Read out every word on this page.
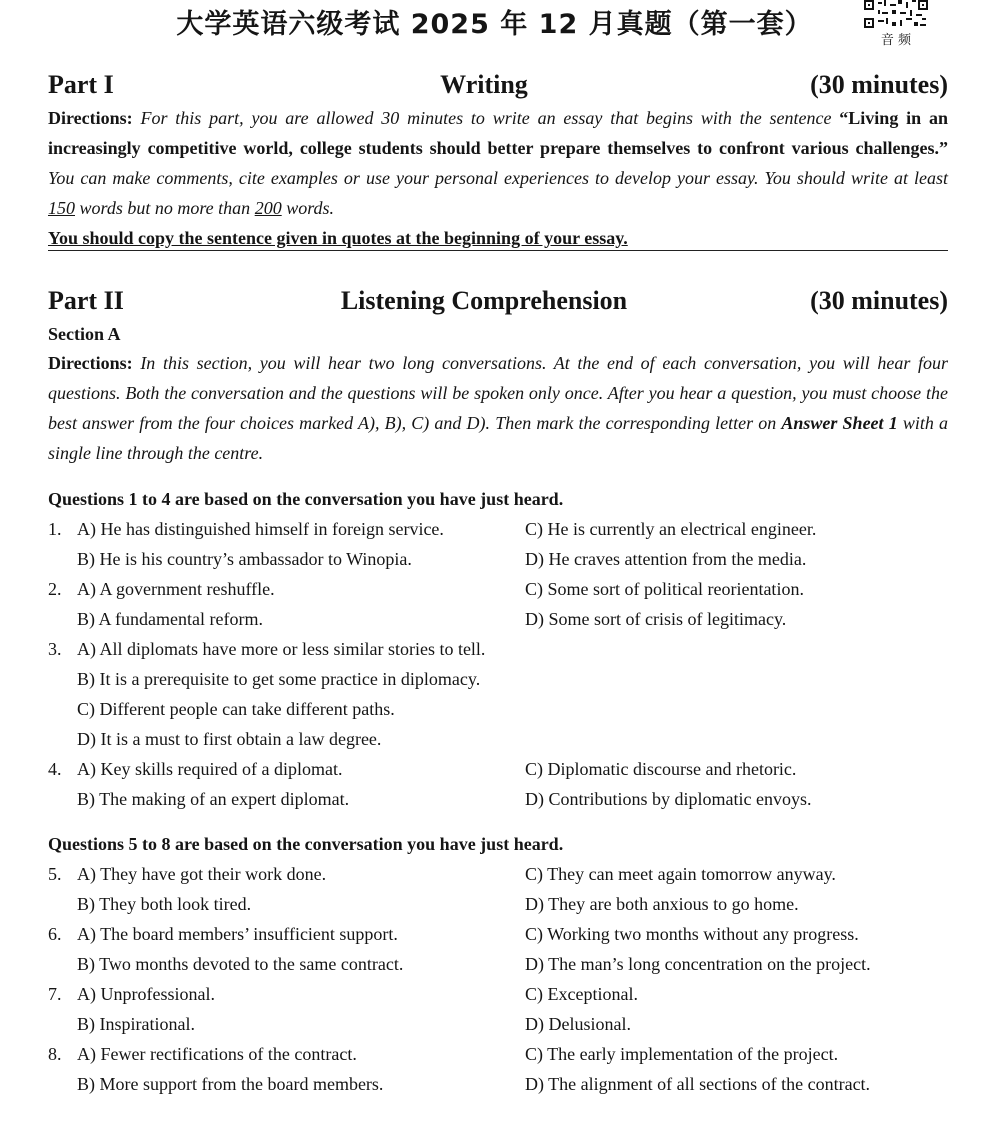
大学英语六级考试 2025 年 12 月真题（第一套）
音 频
Part I	Writing	(30 minutes)
Directions: For this part, you are allowed 30 minutes to write an essay that begins with the sentence “Living in an increasingly competitive world, college students should better prepare themselves to confront various challenges.” You can make comments, cite examples or use your personal experiences to develop your essay. You should write at least 150 words but no more than 200 words.
You should copy the sentence given in quotes at the beginning of your essay.
Part II	Listening Comprehension	(30 minutes)
Section A
Directions: In this section, you will hear two long conversations. At the end of each conversation, you will hear four questions. Both the conversation and the questions will be spoken only once. After you hear a question, you must choose the best answer from the four choices marked A), B), C) and D). Then mark the corresponding letter on Answer Sheet 1 with a single line through the centre.
Questions 1 to 4 are based on the conversation you have just heard.
1. A) He has distinguished himself in foreign service.	C) He is currently an electrical engineer.
B) He is his country’s ambassador to Winopia.	D) He craves attention from the media.
2. A) A government reshuffle.	C) Some sort of political reorientation.
B) A fundamental reform.	D) Some sort of crisis of legitimacy.
3. A) All diplomats have more or less similar stories to tell.
B) It is a prerequisite to get some practice in diplomacy.
C) Different people can take different paths.
D) It is a must to first obtain a law degree.
4. A) Key skills required of a diplomat.	C) Diplomatic discourse and rhetoric.
B) The making of an expert diplomat.	D) Contributions by diplomatic envoys.
Questions 5 to 8 are based on the conversation you have just heard.
5. A) They have got their work done.	C) They can meet again tomorrow anyway.
B) They both look tired.	D) They are both anxious to go home.
6. A) The board members’ insufficient support.	C) Working two months without any progress.
B) Two months devoted to the same contract.	D) The man’s long concentration on the project.
7. A) Unprofessional.	C) Exceptional.
B) Inspirational.	D) Delusional.
8. A) Fewer rectifications of the contract.	C) The early implementation of the project.
B) More support from the board members.	D) The alignment of all sections of the contract.
